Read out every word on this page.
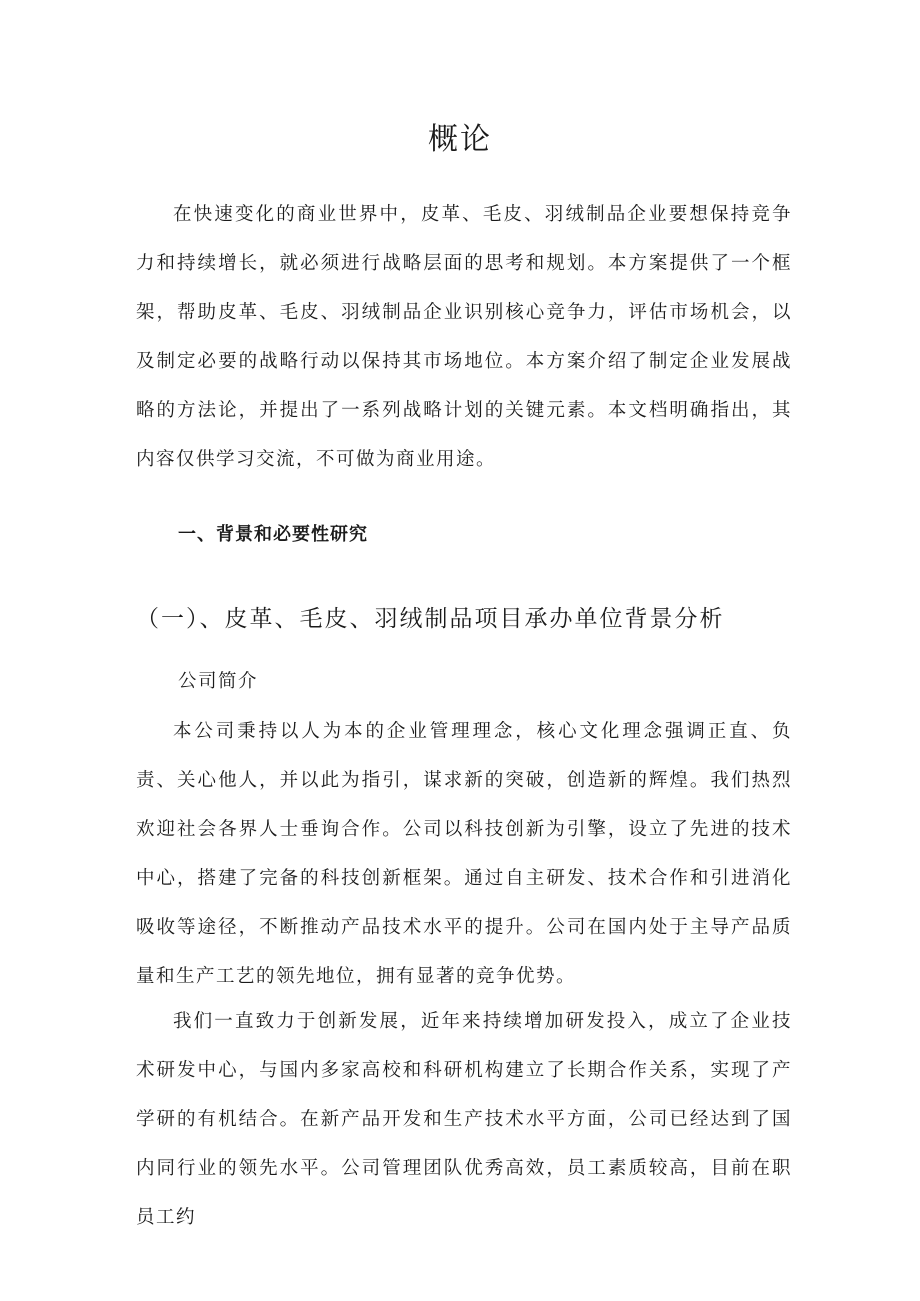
概论

在快速变化的商业世界中，皮革、毛皮、羽绒制品企业要想保持竞争力和持续增长，就必须进行战略层面的思考和规划。本方案提供了一个框架，帮助皮革、毛皮、羽绒制品企业识别核心竞争力，评估市场机会，以及制定必要的战略行动以保持其市场地位。本方案介绍了制定企业发展战略的方法论，并提出了一系列战略计划的关键元素。本文档明确指出，其内容仅供学习交流，不可做为商业用途。

一、背景和必要性研究
（一）、皮革、毛皮、羽绒制品项目承办单位背景分析

公司简介

本公司秉持以人为本的企业管理理念，核心文化理念强调正直、负责、关心他人，并以此为指引，谋求新的突破，创造新的辉煌。我们热烈欢迎社会各界人士垂询合作。公司以科技创新为引擎，设立了先进的技术中心，搭建了完备的科技创新框架。通过自主研发、技术合作和引进消化吸收等途径，不断推动产品技术水平的提升。公司在国内处于主导产品质量和生产工艺的领先地位，拥有显著的竞争优势。

我们一直致力于创新发展，近年来持续增加研发投入，成立了企业技术研发中心，与国内多家高校和科研机构建立了长期合作关系，实现了产学研的有机结合。在新产品开发和生产技术水平方面，公司已经达到了国内同行业的领先水平。公司管理团队优秀高效，员工素质较高，目前在职员工约
